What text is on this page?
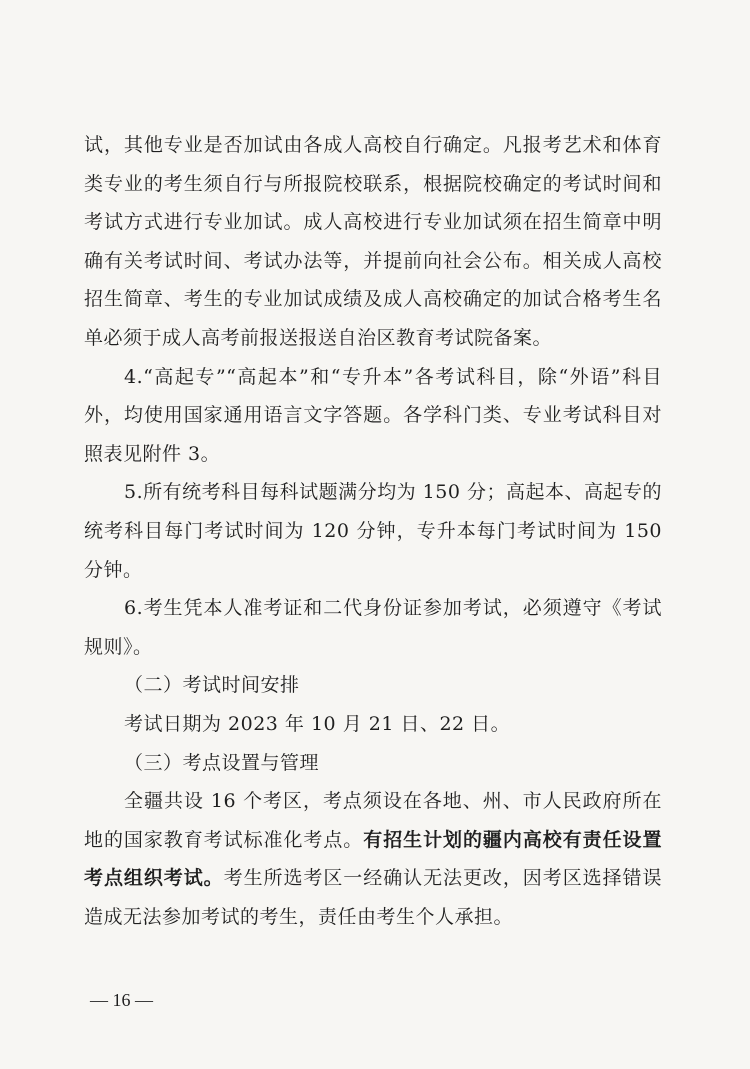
试，其他专业是否加试由各成人高校自行确定。凡报考艺术和体育类专业的考生须自行与所报院校联系，根据院校确定的考试时间和考试方式进行专业加试。成人高校进行专业加试须在招生简章中明确有关考试时间、考试办法等，并提前向社会公布。相关成人高校招生简章、考生的专业加试成绩及成人高校确定的加试合格考生名单必须于成人高考前报送报送自治区教育考试院备案。

4.“高起专”“高起本”和“专升本”各考试科目，除“外语”科目外，均使用国家通用语言文字答题。各学科门类、专业考试科目对照表见附件 3。

5.所有统考科目每科试题满分均为 150 分；高起本、高起专的统考科目每门考试时间为 120 分钟，专升本每门考试时间为 150 分钟。

6.考生凭本人准考证和二代身份证参加考试，必须遵守《考试规则》。

（二）考试时间安排

考试日期为 2023 年 10 月 21 日、22 日。

（三）考点设置与管理

全疆共设 16 个考区，考点须设在各地、州、市人民政府所在地的国家教育考试标准化考点。有招生计划的疆内高校有责任设置考点组织考试。考生所选考区一经确认无法更改，因考区选择错误造成无法参加考试的考生，责任由考生个人承担。

— 16 —
